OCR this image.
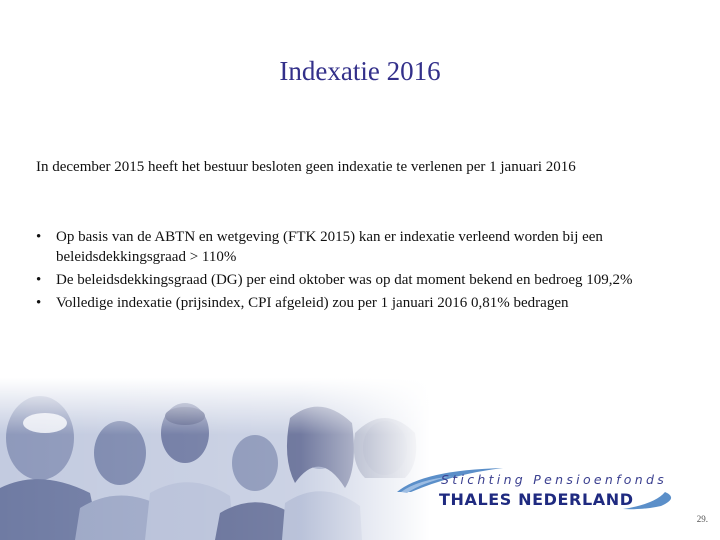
Indexatie 2016
In december 2015 heeft het bestuur besloten geen indexatie te verlenen per 1 januari 2016
• Op basis van de ABTN en wetgeving (FTK 2015) kan er indexatie verleend worden bij een beleidsdekkingsgraad > 110%
• De beleidsdekkingsgraad (DG) per eind oktober was op dat moment bekend en bedroeg 109,2%
• Volledige indexatie (prijsindex, CPI afgeleid) zou per 1 januari 2016 0,81% bedragen
Stichting Pensioenfonds
THALES NEDERLAND
29.
